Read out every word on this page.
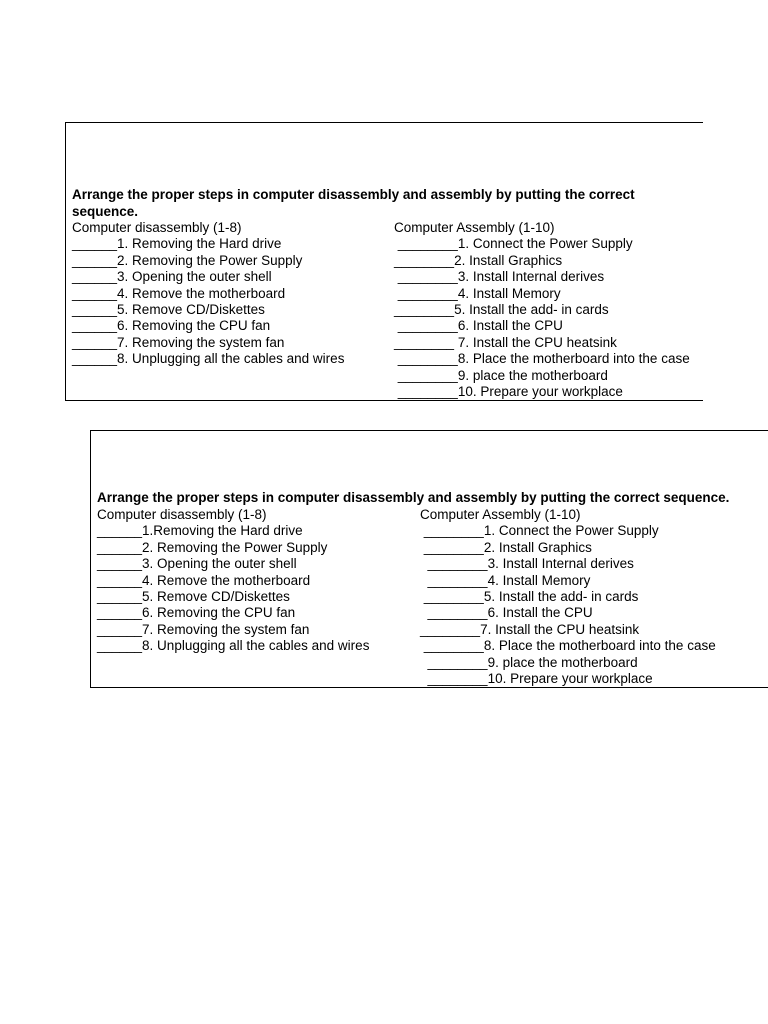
Arrange the proper steps in computer disassembly and assembly by putting the correct sequence.
Computer disassembly (1-8)
______1. Removing the Hard drive
______2. Removing the Power Supply
______3. Opening the outer shell
______4. Remove the motherboard
______5. Remove CD/Diskettes
______6. Removing the CPU fan
______7. Removing the system fan
______8. Unplugging all the cables and wires
Computer Assembly (1-10)
________1. Connect the Power Supply
________2. Install Graphics
________3. Install Internal derives
________4. Install Memory
________5. Install the add- in cards
________6. Install the CPU
________ 7. Install the CPU heatsink
________8. Place the motherboard into the case
________9. place the motherboard
________10. Prepare your workplace
Arrange the proper steps in computer disassembly and assembly by putting the correct sequence.
Computer disassembly (1-8)
______1.Removing the Hard drive
______2. Removing the Power Supply
______3. Opening the outer shell
______4. Remove the motherboard
______5. Remove CD/Diskettes
______6. Removing the CPU fan
______7. Removing the system fan
______8. Unplugging all the cables and wires
Computer Assembly (1-10)
________1. Connect the Power Supply
________2. Install Graphics
________3. Install Internal derives
________4. Install Memory
________5. Install the add- in cards
________6. Install the CPU
________7. Install the CPU heatsink
________8. Place the motherboard into the case
________9. place the motherboard
________10. Prepare your workplace
